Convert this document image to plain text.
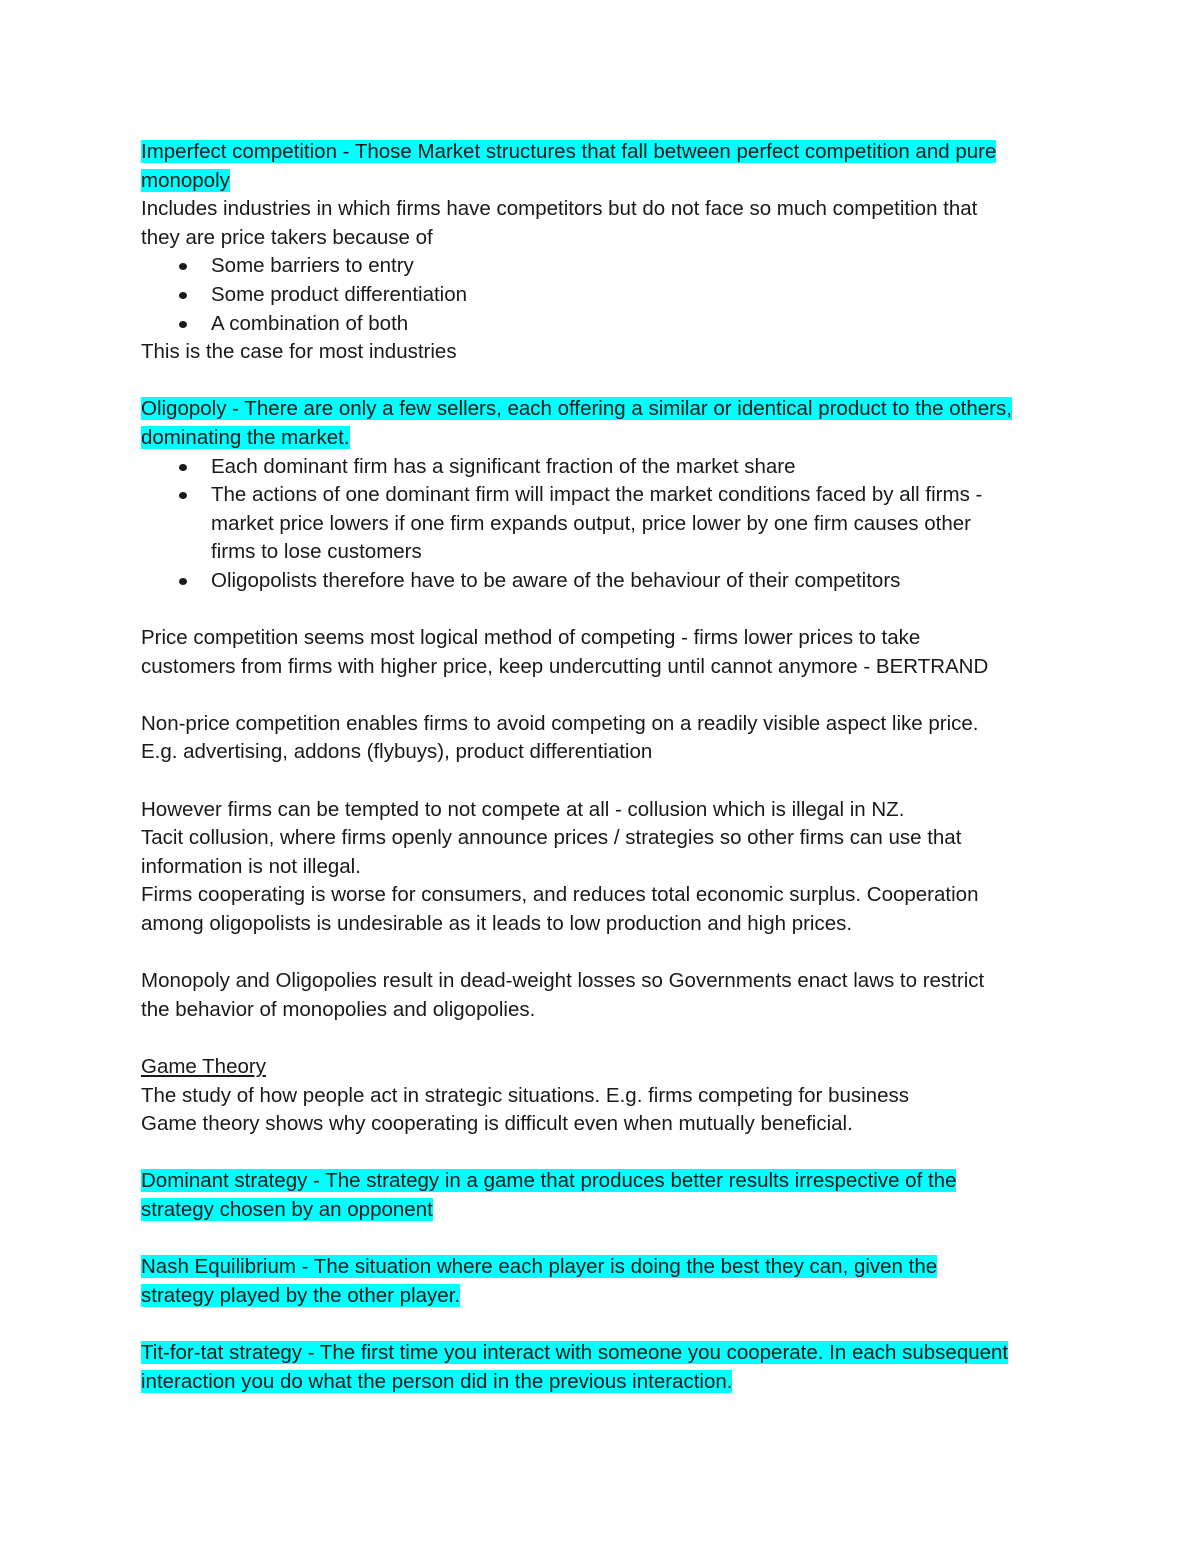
Imperfect competition - Those Market structures that fall between perfect competition and pure
monopoly
Includes industries in which firms have competitors but do not face so much competition that
they are price takers because of
Some barriers to entry
Some product differentiation
A combination of both
This is the case for most industries
Oligopoly - There are only a few sellers, each offering a similar or identical product to the others,
dominating the market.
Each dominant firm has a significant fraction of the market share
The actions of one dominant firm will impact the market conditions faced by all firms -
market price lowers if one firm expands output, price lower by one firm causes other
firms to lose customers
Oligopolists therefore have to be aware of the behaviour of their competitors
Price competition seems most logical method of competing - firms lower prices to take
customers from firms with higher price, keep undercutting until cannot anymore - BERTRAND
Non-price competition enables firms to avoid competing on a readily visible aspect like price.
E.g. advertising, addons (flybuys), product differentiation
However firms can be tempted to not compete at all - collusion which is illegal in NZ.
Tacit collusion, where firms openly announce prices / strategies so other firms can use that
information is not illegal.
Firms cooperating is worse for consumers, and reduces total economic surplus. Cooperation
among oligopolists is undesirable as it leads to low production and high prices.
Monopoly and Oligopolies result in dead-weight losses so Governments enact laws to restrict
the behavior of monopolies and oligopolies.
Game Theory
The study of how people act in strategic situations. E.g. firms competing for business
Game theory shows why cooperating is difficult even when mutually beneficial.
Dominant strategy - The strategy in a game that produces better results irrespective of the
strategy chosen by an opponent
Nash Equilibrium - The situation where each player is doing the best they can, given the
strategy played by the other player.
Tit-for-tat strategy - The first time you interact with someone you cooperate. In each subsequent
interaction you do what the person did in the previous interaction.
